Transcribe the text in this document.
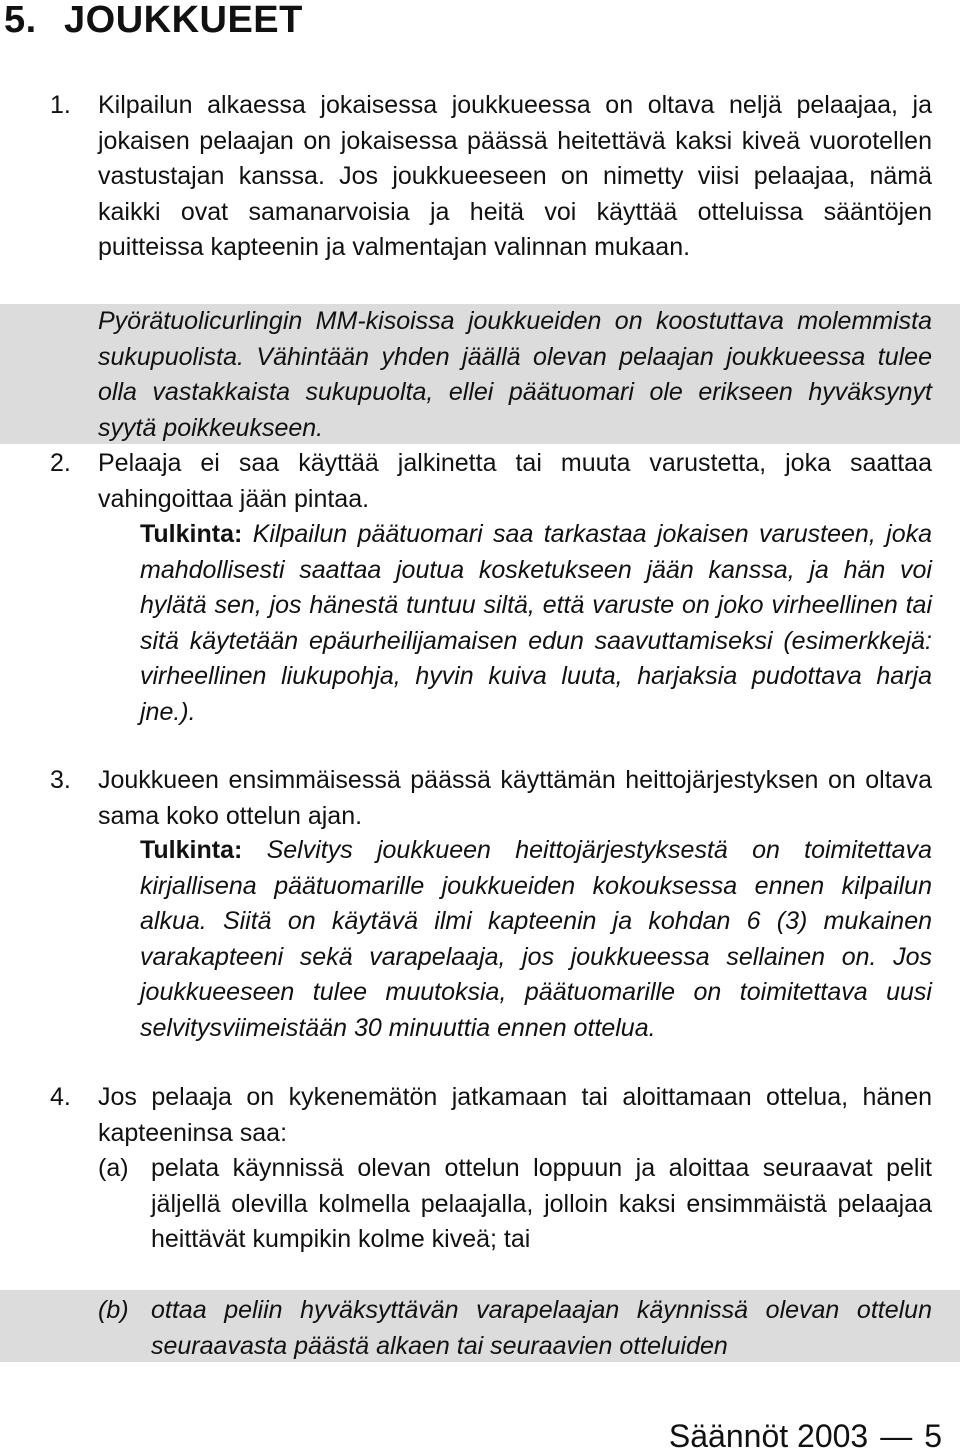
5. JOUKKUEET
1. Kilpailun alkaessa jokaisessa joukkueessa on oltava neljä pelaajaa, ja jokaisen pelaajan on jokaisessa päässä heitettävä kaksi kiveä vuorotellen vastustajan kanssa. Jos joukkueeseen on nimetty viisi pelaajaa, nämä kaikki ovat samanarvoisia ja heitä voi käyttää otteluissa sääntöjen puitteissa kapteenin ja valmentajan valinnan mukaan.

Pyörätuolicurlingin MM-kisoissa joukkueiden on koostuttava molemmista sukupuolista. Vähintään yhden jäällä olevan pelaajan joukkueessa tulee olla vastakkaista sukupuolta, ellei päätuomari ole erikseen hyväksynyt syytä poikkeukseen.

2. Pelaaja ei saa käyttää jalkinetta tai muuta varustetta, joka saattaa vahingoittaa jään pintaa.

Tulkinta: Kilpailun päätuomari saa tarkastaa jokaisen varusteen, joka mahdollisesti saattaa joutua kosketukseen jään kanssa, ja hän voi hylätä sen, jos hänestä tuntuu siltä, että varuste on joko virheellinen tai sitä käytetään epäurheilijamaisen edun saavuttamiseksi (esimerkkejä: virheellinen liukupohja, hyvin kuiva luuta, harjaksia pudottava harja jne.).

3. Joukkueen ensimmäisessä päässä käyttämän heittojärjestyksen on oltava sama koko ottelun ajan.

Tulkinta: Selvitys joukkueen heittojärjestyksestä on toimitettava kirjallisena päätuomarille joukkueiden kokouksessa ennen kilpailun alkua. Siitä on käytävä ilmi kapteenin ja kohdan 6 (3) mukainen varakapteeni sekä varapelaaja, jos joukkueessa sellainen on. Jos joukkueeseen tulee muutoksia, päätuomarille on toimitettava uusi selvitysviimeistään 30 minuuttia ennen ottelua.

4. Jos pelaaja on kykenemätön jatkamaan tai aloittamaan ottelua, hänen kapteeninsa saa:

(a) pelata käynnissä olevan ottelun loppuun ja aloittaa seuraavat pelit jäljellä olevilla kolmella pelaajalla, jolloin kaksi ensimmäistä pelaajaa heittävät kumpikin kolme kiveä; tai

(b) ottaa peliin hyväksyttävän varapelaajan käynnissä olevan ottelun seuraavasta päästä alkaen tai seuraavien otteluiden

Säännöt 2003 — 5
